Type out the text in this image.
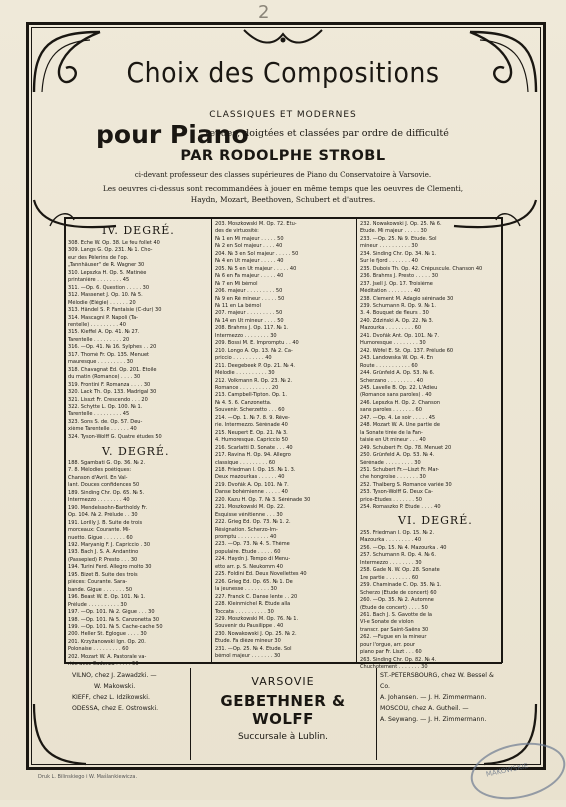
2
Choix des Compositions
CLASSIQUES ET MODERNES
pour Piano
revues, doigtées et classées par ordre de difficulté
PAR RODOLPHE STROBL
ci-devant professeur des classes supérieures de Piano du Conservatoire à Varsovie.
Les oeuvres ci-dessus sont recommandées à jouer en même temps que les oeuvres de Clementi,
Haydn, Mozart, Beethoven, Schubert et d'autres.
IV. DEGRÉ.
308. Eche W. Op. 38. Le feu follet 40
309. Langs G. Op. 231. № 1. Cho-
eur des Pèlerins de l'op.
„Tannhäuser" de R. Wagner 30
310. Lepszka H. Op. 5. Matinée
printanière . . . . . . . . 45
311. —Op. 6. Question . . . . . 30
312. Massenet J. Op. 10. № 5.
Mélodie (Elégie) . . . . . . 20
313. Händel S. P. Fantaisie (C-dur) 30
314. Mascagni P. Napoli (Ta-
rentelle) . . . . . . . . . 40
315. Kieffel A. Op. 41. № 27.
Tarentelle . . . . . . . . . 20
316. —Op. 41. № 16. Sylphes . . 20
317. Thomé Fr. Op. 135. Menuet
mauresque . . . . . . . . . 30
318. Chavagnat Ed. Op. 201. Etoile
du matin (Romance) . . . . 30
319. Frontini F. Romanza . . . . 30
320. Lack Th. Op. 133. Madrigal 30
321. Lisszt Fr. Crescendo . . . 20
322. Schytte L. Op. 100. № 1.
Tarentelle . . . . . . . . . 45
323. Sons S. de. Op. 57. Deu-
xième Tarentelle . . . . . . 40
324. Tyson-Wolff G. Quatre études 50
V. DEGRÉ.
188. Sgambati G. Op. 36. № 2.
7. 8. Mélodies poétiques:
Chanson d'Avril. En Val-
lant. Douces confidences 50
189. Sinding Chr. Op. 65. № 5.
Intermezzo . . . . . . . . 40
190. Mendelssohn-Bartholdy Fr.
Op. 104. № 2. Prélude . . 30
191. Lorilly J. B. Suite de trois
morceaux: Courante. Mi-
nuetto. Gigue . . . . . . . 60
192. Maryanig F. J. Capriccio . 30
193. Bach J. S. A. Andantino
(Passepied) P. Presto . . . 30
194. Turini Ferd. Allegro molto 30
195. Bizet B. Suite des trois
pièces: Courante. Sara-
bande. Gigue . . . . . . . 50
196. Beast W. E. Op. 101. № 1.
Prélude . . . . . . . . . . 30
197. —Op. 101. № 2. Gigue . . . 30
198. —Op. 101. № 5. Canzonetta 30
199. —Op. 101. № 5. Cache-cache 50
200. Heller St. Eglogue . . . . 30
201. Krzyžanowski Ign. Op. 20.
Polonaise . . . . . . . . . 60
202. Mozart W. A. Pastorale va-
riée avec Cadenza . . . . . 50
203. Moszkowski M. Op. 72. Etu-
des de virtuosité:
№ 1 en Mi majeur . . . . . 50
№ 2 en Sol majeur . . . . 40
204. № 3 en Sol majeur . . . . . 50
№ 4 en Ut majeur . . . . . 40
205. № 5 en Ut majeur . . . . . 40
№ 6 en Fa majeur . . . . . 40
№ 7 en Mi bémol
206. majeur . . . . . . . . . 50
№ 9 en Ré mineur . . . . . 50
№ 11 en La bémol
207. majeur . . . . . . . . . 50
№ 14 en Ut mineur . . . . 50
208. Brahms J. Op. 117. № 1.
Intermezzo . . . . . . . . 30
209. Bossi M. E. Impromptu . . 40
210. Longo A. Op. 13. № 2. Ca-
priccio . . . . . . . . . . 40
211. Deegebeek P. Op. 21. № 4.
Mélodie . . . . . . . . . . 30
212. Volkmann R. Op. 23. № 2.
Romance . . . . . . . . . . 20
213. Campbell-Tipton. Op. 1.
№ 4. 5. 6. Canzonetta.
Souvenir. Scherzetto . . . 60
214. —Op. 1. № 7. 8. 9. Rêve-
rie. Intermezzo. Sérénade 40
215. Neupert E. Op. 21. № 3.
4. Humoresque. Capriccio 50
216. Scarlatti D. Sonate . . . 40
217. Ravina H. Op. 94. Allegro
classique . . . . . . . . . 60
218. Friedman I. Op. 15. № 1. 3.
Deux mazourkas . . . . . . 40
219. Dvořák A. Op. 101. № 7.
Danse bohémienne . . . . . 40
220. Kazu H. Op. 7. № 3. Sérénade 30
221. Moszkowski M. Op. 22.
Esquisse vénitienne . . . 30
222. Grieg Ed. Op. 73. № 1. 2.
Résignation. Scherzo-Im-
promptu . . . . . . . . . . 40
223. —Op. 73. № 4. 5. Thème
populaire. Etude . . . . . 60
224. Haydn J. Tempo di Menu-
etto arr. p. S. Neukomm 40
225. Foldini Ed. Deux Novellettes 40
226. Grieg Ed. Op. 65. № 1. De
la jeunesse . . . . . . . . 30
227. Franck C. Danse lente . . 20
228. Kleinmichel R. Etude alla
Toccata . . . . . . . . . . 30
229. Moszkowski M. Op. 76. № 1.
Souvenir du Pausilippe . 40
230. Nowakowski J. Op. 25. № 2.
Etude. Fa dièze mineur 30
231. —Op. 25. № 4. Etude. Sol
bémol majeur . . . . . . . 30
232. Nowakowski J. Op. 25. № 6.
Etude. Mi majeur . . . . . 30
233. —Op. 25. № 9. Etude. Sol
mineur . . . . . . . . . . 30
234. Sinding Chr. Op. 34. № 1.
Sur le fjord . . . . . . . 40
235. Dubois Th. Op. 42. Crépuscule. Chanson 40
236. Brahms J. Presto . . . . . 30
237. Jsell J. Op. 17. Troisième
Méditation . . . . . . . . 40
238. Clement M. Adagio sérénade 30
239. Schumann R. Op. 9. № 1.
3. 4. Bouquet de fleurs . 30
240. Zdziński A. Op. 22. № 3.
Mazourka . . . . . . . . . 60
241. Dvořák Ant. Op. 101. № 7.
Humoresque . . . . . . . . 30
242. Wöfel E. St. Op. 137. Prélude 60
243. Landowska W. Op. 4. En
Route . . . . . . . . . . . 60
244. Grünfeld A. Op. 53. № 6.
Scherzano . . . . . . . . . 40
245. Lavelle B. Op. 22. L'Adieu
(Romance sans paroles) . 40
246. Lepszka H. Op. 2. Chanson
sans paroles . . . . . . . 60
247. —Op. 4. Le soir . . . . . 45
248. Mozart W. A. Une partie de
la Sonate tirée de la Fan-
taisie en Ut mineur . . . 40
249. Schubert Fr. Op. 78. Menuet 20
250. Grünfeld A. Op. 53. № 4.
Sérénade . . . . . . . . . 30
251. Schubert Fr.—Liszt Fr. Mar-
che hongroise . . . . . . . 30
252. Thalberg S. Romance variée 30
253. Tyson-Wolff G. Deux Ca-
price-Etudes . . . . . . . 50
254. Romaszko P. Etude . . . . 40
VI. DEGRÉ.
255. Friedman I. Op. 15. № 2.
Mazourka . . . . . . . . . 40
256. —Op. 15. № 4. Mazourka . 40
257. Schumann R. Op. 4. № 6.
Intermezzo . . . . . . . . 30
258. Gade N. W. Op. 28. Sonate
1re partie . . . . . . . . 60
259. Chaminade C. Op. 35. № 1.
Scherzo (Etude de concert) 60
260. —Op. 35. № 2. Automne
(Etude de concert) . . . . 50
261. Bach J. S. Gavotte de la
VI-e Sonate de violon
transcr. par Saint-Saëns 30
262. —Fugue en la mineur
pour l'orgue, arr. pour
piano par Fr. Liszt . . . 60
263. Sinding Chr. Op. 82. № 4.
Chuchotement . . . . . . . 30
VILNO, chez J. Zawadzki. —
W. Makowski.
KIEFF, chez L. Idzikowski.
ODESSA, chez E. Ostrowski.
VARSOVIE
GEBETHNER & WOLFF
Succursale à Lublin.
ST.-PETERSBOURG, chez W. Bessel & Co.
A. Johansen. — J. H. Zimmermann.
MOSCOU, chez A. Gutheil. —
A. Seywang. — J. H. Zimmermann.
Druk L. Bilinskiego i W. Maślankiewicza.	MAKOWSKIE
